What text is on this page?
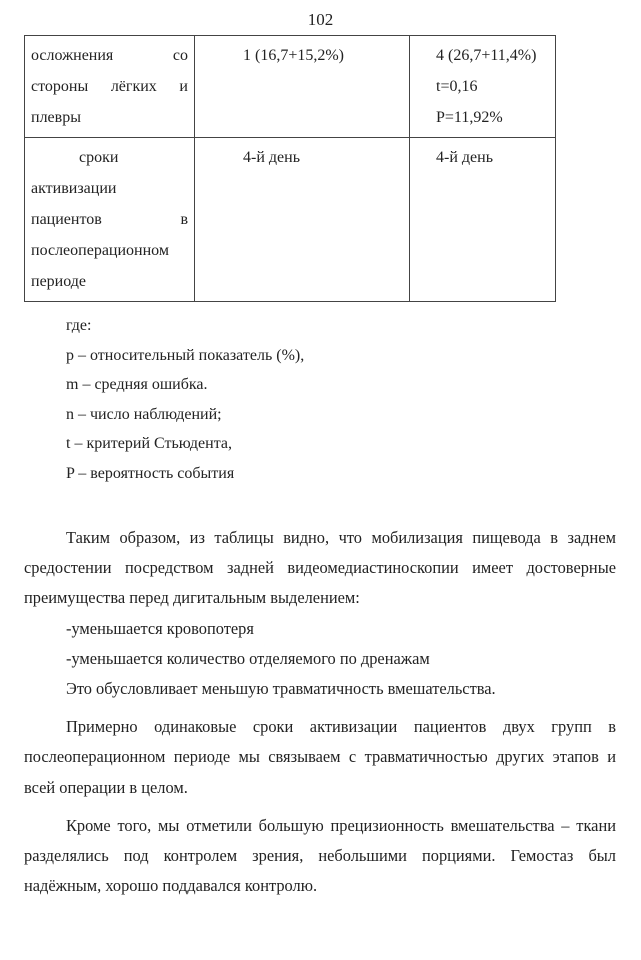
102
осложнения со
стороны лёгких и
плевры	1 (16,7+15,2%)	4 (26,7+11,4%)
t=0,16
P=11,92%

сроки
активизации
пациентов в
послеоперационном
периоде	4-й день	4-й день
где:
p – относительный показатель (%),
m – средняя ошибка.
n – число наблюдений;
t – критерий Стьюдента,
P – вероятность события

Таким образом, из таблицы видно, что мобилизация пищевода в заднем средостении посредством задней видеомедиастиноскопии имеет достоверные преимущества перед дигитальным выделением:

-уменьшается кровопотеря

-уменьшается количество отделяемого по дренажам

Это обусловливает меньшую травматичность вмешательства.

Примерно одинаковые сроки активизации пациентов двух групп в послеоперационном периоде мы связываем с травматичностью других этапов и всей операции в целом.

Кроме того, мы отметили большую прецизионность вмешательства – ткани разделялись под контролем зрения, небольшими порциями. Гемостаз был надёжным, хорошо поддавался контролю.
